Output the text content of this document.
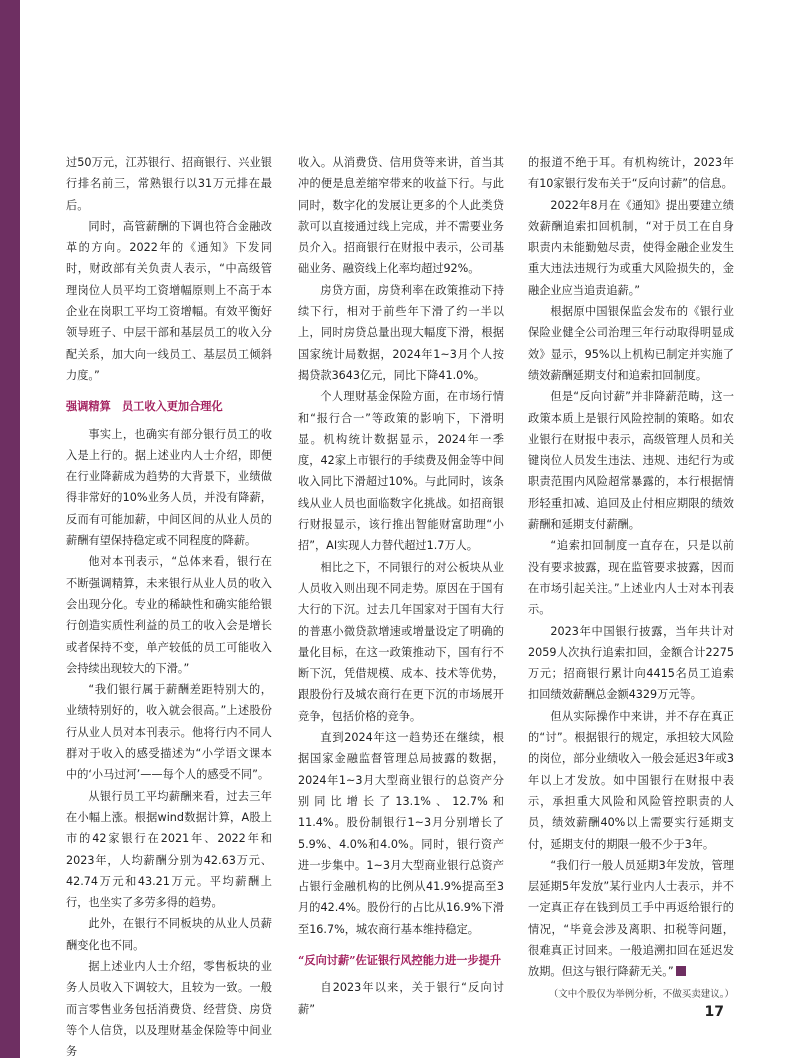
过50万元，江苏银行、招商银行、兴业银行排名前三，常熟银行以31万元排在最后。

同时，高管薪酬的下调也符合金融改革的方向。2022年的《通知》下发同时，财政部有关负责人表示，“中高级管理岗位人员平均工资增幅原则上不高于本企业在岗职工平均工资增幅。有效平衡好领导班子、中层干部和基层员工的收入分配关系，加大向一线员工、基层员工倾斜力度。”

强调精算　员工收入更加合理化

事实上，也确实有部分银行员工的收入是上行的。据上述业内人士介绍，即便在行业降薪成为趋势的大背景下，业绩做得非常好的10%业务人员，并没有降薪，反而有可能加薪，中间区间的从业人员的薪酬有望保持稳定或不同程度的降薪。

他对本刊表示，“总体来看，银行在不断强调精算，未来银行从业人员的收入会出现分化。专业的稀缺性和确实能给银行创造实质性利益的员工的收入会是增长或者保持不变，单产较低的员工可能收入会持续出现较大的下滑。”

“我们银行属于薪酬差距特别大的，业绩特别好的，收入就会很高。”上述股份行从业人员对本刊表示。他将行内不同人群对于收入的感受描述为“小学语文课本中的‘小马过河’——每个人的感受不同”。

从银行员工平均薪酬来看，过去三年在小幅上涨。根据wind数据计算，A股上市的42家银行在2021年、2022年和2023年，人均薪酬分别为42.63万元、42.74万元和43.21万元。平均薪酬上行，也坐实了多劳多得的趋势。

此外，在银行不同板块的从业人员薪酬变化也不同。

据上述业内人士介绍，零售板块的业务人员收入下调较大，且较为一致。一般而言零售业务包括消费贷、经营贷、房贷等个人信贷，以及理财基金保险等中间业务

收入。从消费贷、信用贷等来讲，首当其冲的便是息差缩窄带来的收益下行。与此同时，数字化的发展让更多的个人此类贷款可以直接通过线上完成，并不需要业务员介入。招商银行在财报中表示，公司基础业务、融资线上化率均超过92%。

房贷方面，房贷利率在政策推动下持续下行，相对于前些年下滑了约一半以上，同时房贷总量出现大幅度下滑，根据国家统计局数据，2024年1~3月个人按揭贷款3643亿元，同比下降41.0%。

个人理财基金保险方面，在市场行情和“报行合一”等政策的影响下，下滑明显。机构统计数据显示，2024年一季度，42家上市银行的手续费及佣金等中间收入同比下滑超过10%。与此同时，该条线从业人员也面临数字化挑战。如招商银行财报显示，该行推出智能财富助理“小招”，AI实现人力替代超过1.7万人。

相比之下，不同银行的对公板块从业人员收入则出现不同走势。原因在于国有大行的下沉。过去几年国家对于国有大行的普惠小微贷款增速或增量设定了明确的量化目标，在这一政策推动下，国有行不断下沉，凭借规模、成本、技术等优势，跟股份行及城农商行在更下沉的市场展开竞争，包括价格的竞争。

直到2024年这一趋势还在继续，根据国家金融监督管理总局披露的数据，2024年1~3月大型商业银行的总资产分别同比增长了13.1%、12.7%和11.4%。股份制银行1~3月分别增长了5.9%、4.0%和4.0%。同时，银行资产进一步集中。1~3月大型商业银行总资产占银行金融机构的比例从41.9%提高至3月的42.4%。股份行的占比从16.9%下滑至16.7%，城农商行基本维持稳定。

“反向讨薪”佐证银行风控能力进一步提升

自2023年以来，关于银行“反向讨薪”

的报道不绝于耳。有机构统计，2023年有10家银行发布关于“反向讨薪”的信息。

2022年8月在《通知》提出要建立绩效薪酬追索扣回机制，“对于员工在自身职责内未能勤勉尽责，使得金融企业发生重大违法违规行为或重大风险损失的，金融企业应当追责追薪。”

根据原中国银保监会发布的《银行业保险业健全公司治理三年行动取得明显成效》显示，95%以上机构已制定并实施了绩效薪酬延期支付和追索扣回制度。

但是“反向讨薪”并非降薪范畴，这一政策本质上是银行风险控制的策略。如农业银行在财报中表示，高级管理人员和关键岗位人员发生违法、违规、违纪行为或职责范围内风险超常暴露的，本行根据情形轻重扣减、追回及止付相应期限的绩效薪酬和延期支付薪酬。

“追索扣回制度一直存在，只是以前没有要求披露，现在监管要求披露，因而在市场引起关注。”上述业内人士对本刊表示。

2023年中国银行披露，当年共计对2059人次执行追索扣回，金额合计2275万元；招商银行累计向4415名员工追索扣回绩效薪酬总金额4329万元等。

但从实际操作中来讲，并不存在真正的“讨”。根据银行的规定，承担较大风险的岗位，部分业绩收入一般会延迟3年或3年以上才发放。如中国银行在财报中表示，承担重大风险和风险管控职责的人员，绩效薪酬40%以上需要实行延期支付，延期支付的期限一般不少于3年。

“我们行一般人员延期3年发放，管理层延期5年发放”某行业内人士表示，并不一定真正存在钱到员工手中再返给银行的情况，“毕竟会涉及离职、扣税等问题，很难真正讨回来。一般追溯扣回在延迟发放期。但这与银行降薪无关。”

（文中个股仅为举例分析，不做买卖建议。）
17
